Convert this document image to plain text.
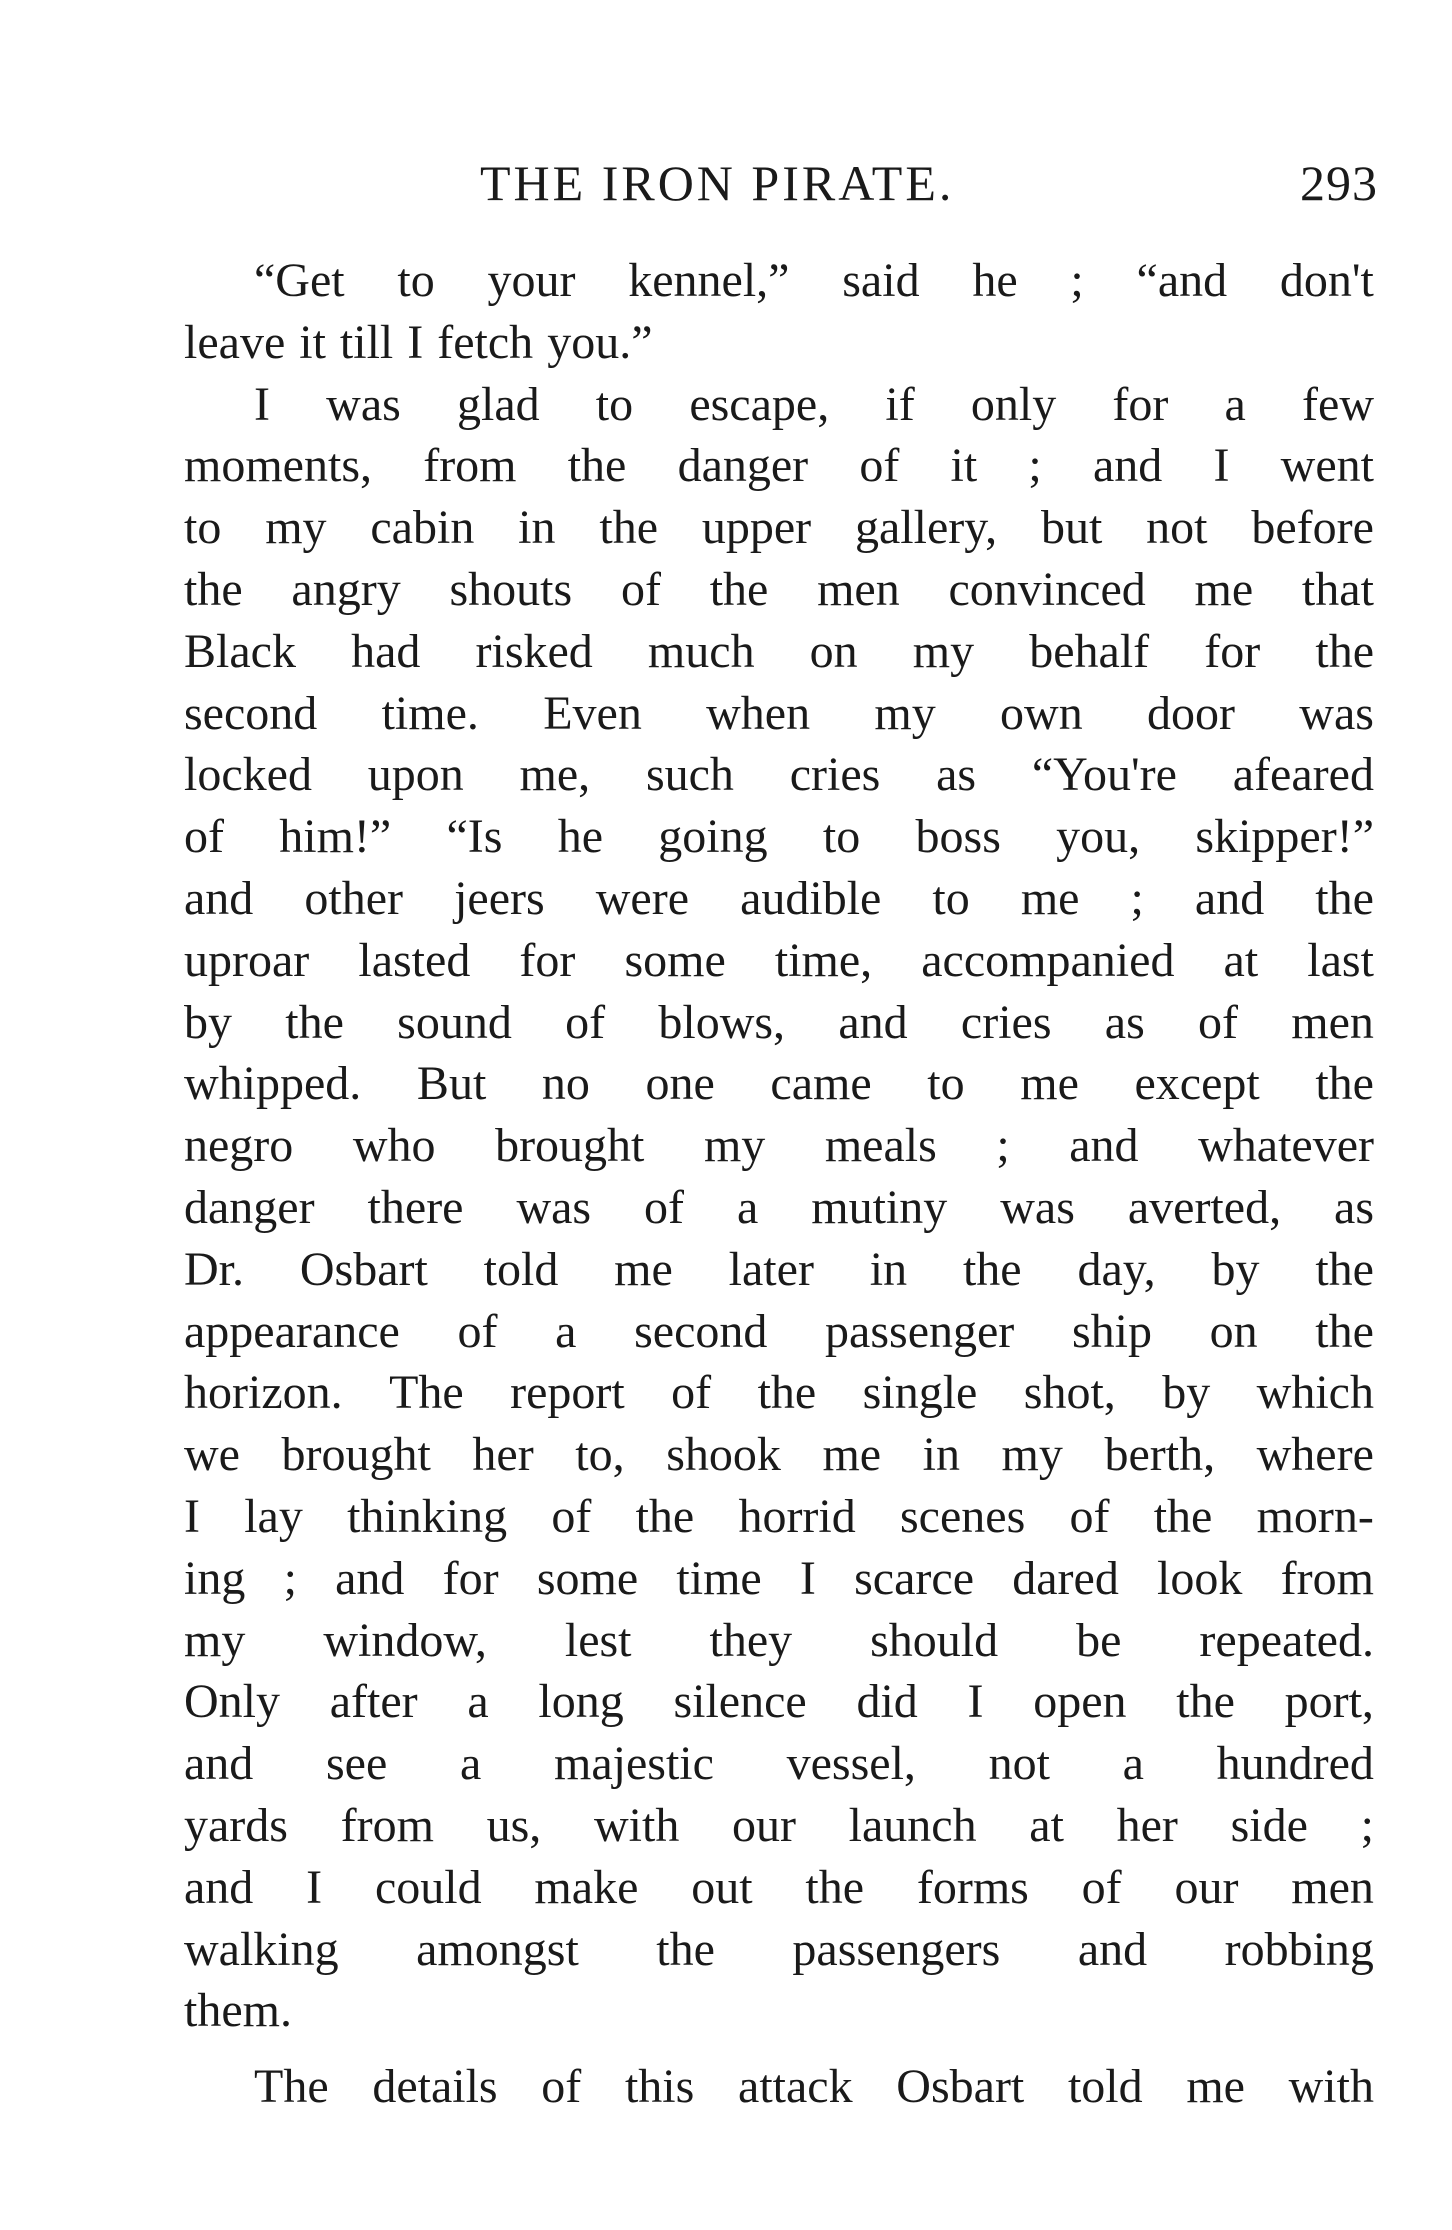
THE IRON PIRATE.	293
“Get to your kennel,” said he ; “and don't
leave it till I fetch you.”
I was glad to escape, if only for a few
moments, from the danger of it ; and I went
to my cabin in the upper gallery, but not before
the angry shouts of the men convinced me that
Black had risked much on my behalf for the
second time. Even when my own door was
locked upon me, such cries as “You're afeared
of him!” “Is he going to boss you, skipper!”
and other jeers were audible to me ; and the
uproar lasted for some time, accompanied at last
by the sound of blows, and cries as of men
whipped. But no one came to me except the
negro who brought my meals ; and whatever
danger there was of a mutiny was averted, as
Dr. Osbart told me later in the day, by the
appearance of a second passenger ship on the
horizon. The report of the single shot, by which
we brought her to, shook me in my berth, where
I lay thinking of the horrid scenes of the morn-
ing ; and for some time I scarce dared look from
my window, lest they should be repeated.
Only after a long silence did I open the port,
and see a majestic vessel, not a hundred
yards from us, with our launch at her side ;
and I could make out the forms of our men
walking amongst the passengers and robbing
them.
The details of this attack Osbart told me with
